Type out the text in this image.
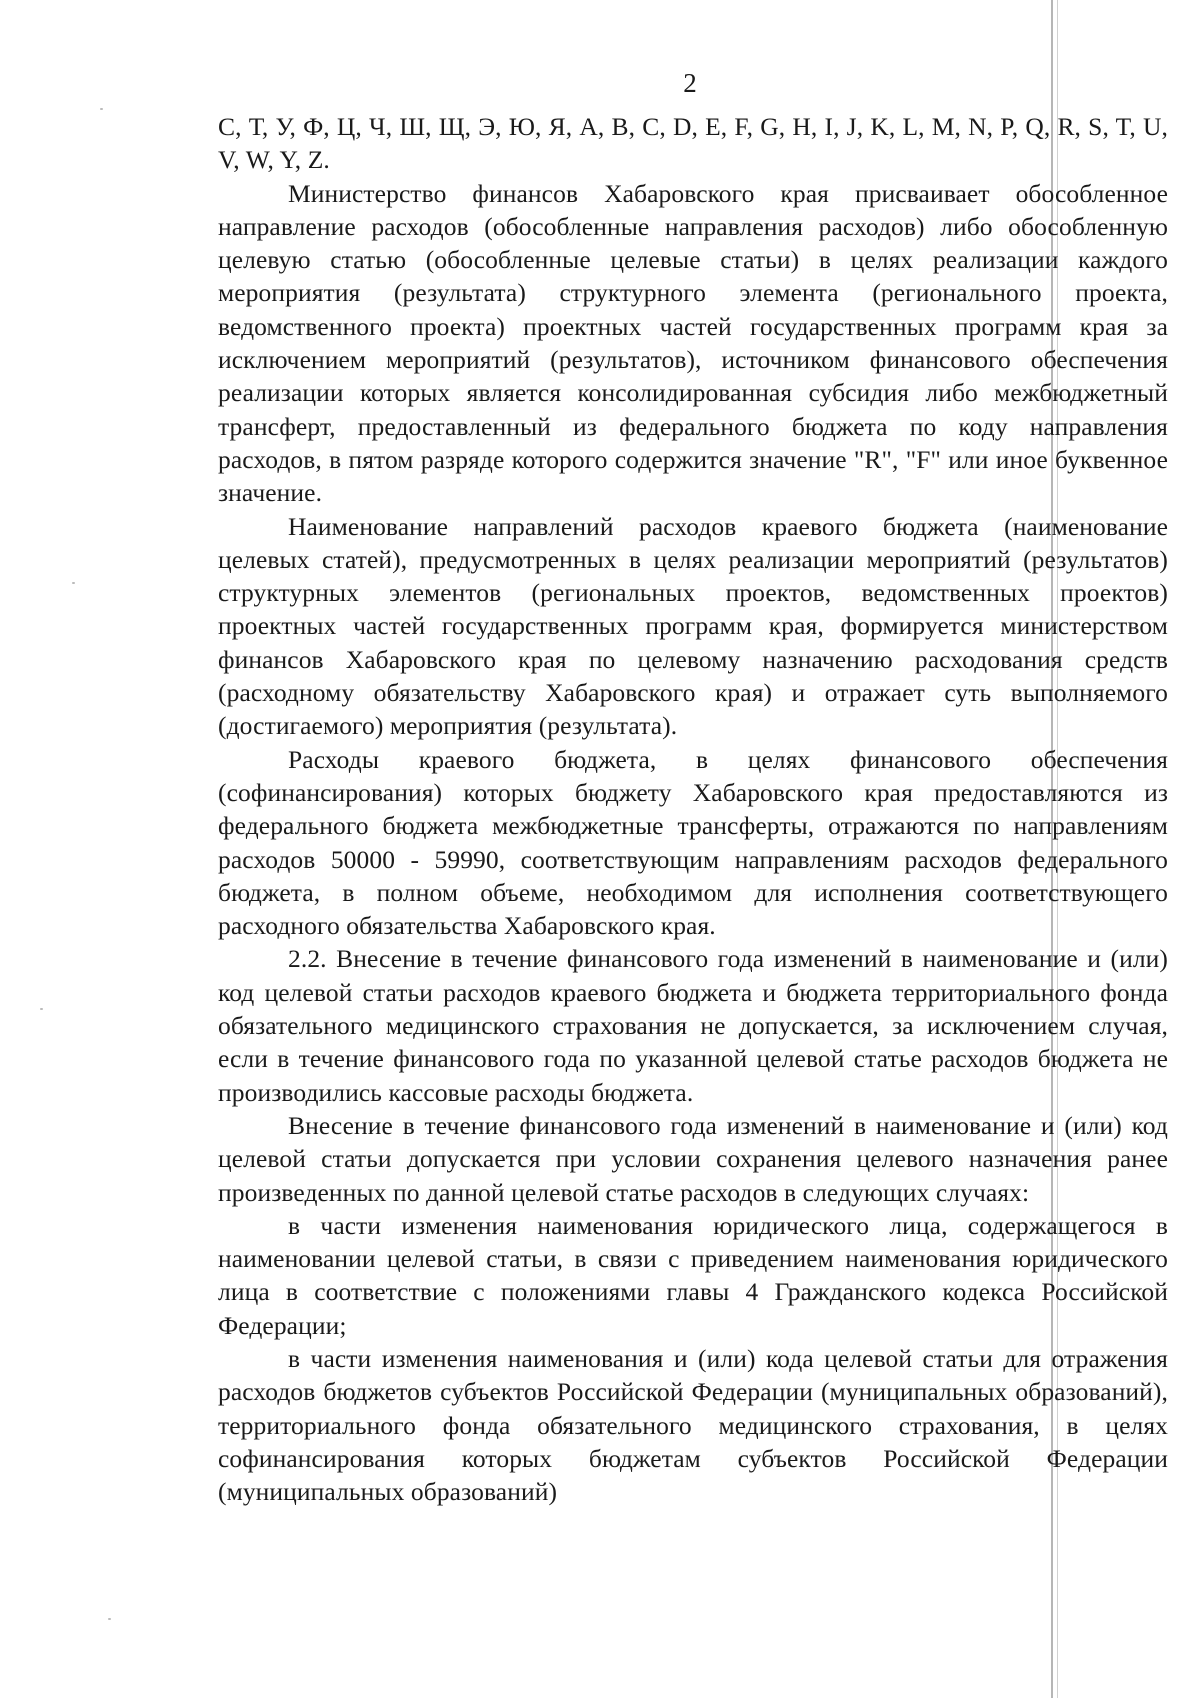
2

С, Т, У, Ф, Ц, Ч, Ш, Щ, Э, Ю, Я, A, B, C, D, E, F, G, H, I, J, K, L, M, N, P, Q, R, S, T, U, V, W, Y, Z.

Министерство финансов Хабаровского края присваивает обособленное направление расходов (обособленные направления расходов) либо обособленную целевую статью (обособленные целевые статьи) в целях реализации каждого мероприятия (результата) структурного элемента (регионального проекта, ведомственного проекта) проектных частей государственных программ края за исключением мероприятий (результатов), источником финансового обеспечения реализации которых является консолидированная субсидия либо межбюджетный трансферт, предоставленный из федерального бюджета по коду направления расходов, в пятом разряде которого содержится значение "R", "F" или иное буквенное значение.

Наименование направлений расходов краевого бюджета (наименование целевых статей), предусмотренных в целях реализации мероприятий (результатов) структурных элементов (региональных проектов, ведомственных проектов) проектных частей государственных программ края, формируется министерством финансов Хабаровского края по целевому назначению расходования средств (расходному обязательству Хабаровского края) и отражает суть выполняемого (достигаемого) мероприятия (результата).

Расходы краевого бюджета, в целях финансового обеспечения (софинансирования) которых бюджету Хабаровского края предоставляются из федерального бюджета межбюджетные трансферты, отражаются по направлениям расходов 50000 - 59990, соответствующим направлениям расходов федерального бюджета, в полном объеме, необходимом для исполнения соответствующего расходного обязательства Хабаровского края.

2.2. Внесение в течение финансового года изменений в наименование и (или) код целевой статьи расходов краевого бюджета и бюджета территориального фонда обязательного медицинского страхования не допускается, за исключением случая, если в течение финансового года по указанной целевой статье расходов бюджета не производились кассовые расходы бюджета.

Внесение в течение финансового года изменений в наименование и (или) код целевой статьи допускается при условии сохранения целевого назначения ранее произведенных по данной целевой статье расходов в следующих случаях:

в части изменения наименования юридического лица, содержащегося в наименовании целевой статьи, в связи с приведением наименования юридического лица в соответствие с положениями главы 4 Гражданского кодекса Российской Федерации;

в части изменения наименования и (или) кода целевой статьи для отражения расходов бюджетов субъектов Российской Федерации (муниципальных образований), территориального фонда обязательного медицинского страхования, в целях софинансирования которых бюджетам субъектов Российской Федерации (муниципальных образований)
